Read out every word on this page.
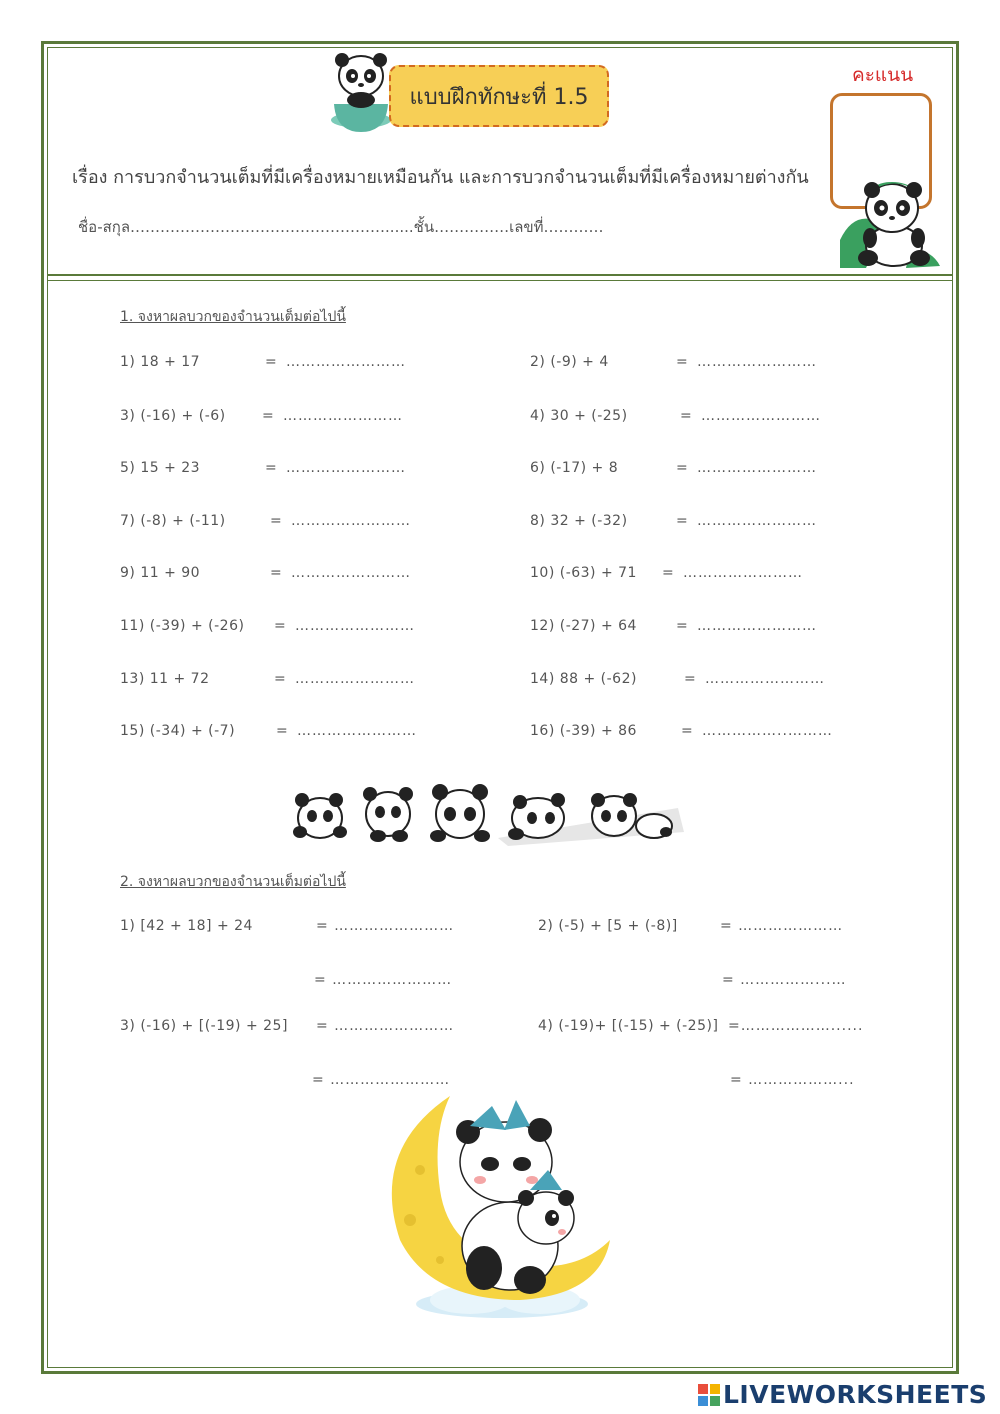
แบบฝึกทักษะที่ 1.5
คะแนน
เรื่อง การบวกจำนวนเต็มที่มีเครื่องหมายเหมือนกัน และการบวกจำนวนเต็มที่มีเครื่องหมายต่างกัน
ชื่อ-สกุล……………………………………………......ชั้น……………เลขที่…………
1. จงหาผลบวกของจำนวนเต็มต่อไปนี้
1) 18 + 17	= ……………………	2) (-9) + 4	= ……………………
3) (-16) + (-6)	= ……………………	4) 30 + (-25)	= ……………………
5) 15 + 23	= ……………………	6) (-17) + 8	= ……………………
7) (-8) + (-11)	= ……………………	8) 32 + (-32)	= ……………………
9) 11 + 90	= ……………………	10) (-63) + 71 = ……………………
11) (-39) + (-26) = ……………………	12) (-27) + 64	= ……………………
13) 11 + 72	= ……………………	14) 88 + (-62)	= ……………………
15) (-34) + (-7)	= ……………………	16) (-39) + 86	= ……………..………
2. จงหาผลบวกของจำนวนเต็มต่อไปนี้
1) [42 + 18] + 24	= ……………………
= ……………………
2) (-5) + [5 + (-8)]	= …………………
= ……………...…
3) (-16) + [(-19) + 25] = ……………………
= ……………………
4) (-19)+ [(-15) + (-25)] =………………......
= ………………...
LIVEWORKSHEETS
